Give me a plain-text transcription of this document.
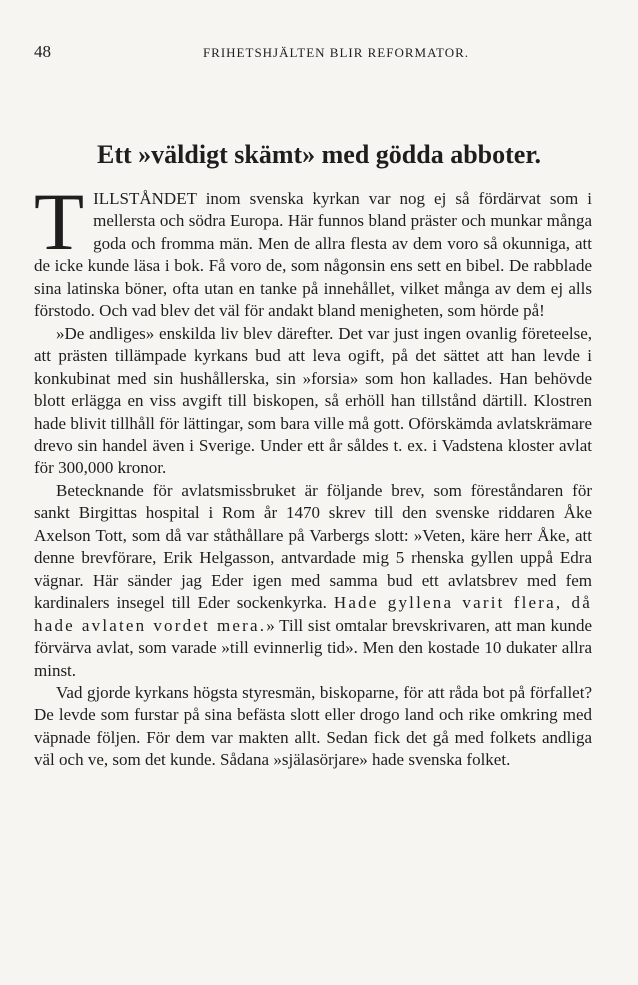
48	FRIHETSHJÄLTEN BLIR REFORMATOR.
Ett »väldigt skämt» med gödda abboter.

TILLSTÅNDET inom svenska kyrkan var nog ej så fördärvat som i mellersta och södra Europa. Här funnos bland präster och munkar många goda och fromma män. Men de allra flesta av dem voro så okunniga, att de icke kunde läsa i bok. Få voro de, som någonsin ens sett en bibel. De rabblade sina latinska böner, ofta utan en tanke på innehållet, vilket många av dem ej alls förstodo. Och vad blev det väl för andakt bland menigheten, som hörde på!

»De andliges» enskilda liv blev därefter. Det var just ingen ovanlig företeelse, att prästen tillämpade kyrkans bud att leva ogift, på det sättet att han levde i konkubinat med sin hushållerska, sin »forsia» som hon kallades. Han behövde blott erlägga en viss avgift till biskopen, så erhöll han tillstånd därtill. Klostren hade blivit tillhåll för lättingar, som bara ville må gott. Oförskämda avlatskrämare drevo sin handel även i Sverige. Under ett år såldes t. ex. i Vadstena kloster avlat för 300,000 kronor.

Betecknande för avlatsmissbruket är följande brev, som föreståndaren för sankt Birgittas hospital i Rom år 1470 skrev till den svenske riddaren Åke Axelson Tott, som då var ståthållare på Varbergs slott: »Veten, käre herr Åke, att denne brevförare, Erik Helgasson, antvardade mig 5 rhenska gyllen uppå Edra vägnar. Här sänder jag Eder igen med samma bud ett avlatsbrev med fem kardinalers insegel till Eder sockenkyrka. Hade gyllena varit flera, då hade avlaten vordet mera.» Till sist omtalar brevskrivaren, att man kunde förvärva avlat, som varade »till evinnerlig tid». Men den kostade 10 dukater allra minst.

Vad gjorde kyrkans högsta styresmän, biskoparne, för att råda bot på förfallet? De levde som furstar på sina befästa slott eller drogo land och rike omkring med väpnade följen. För dem var makten allt. Sedan fick det gå med folkets andliga väl och ve, som det kunde. Sådana »själasörjare» hade svenska folket.
